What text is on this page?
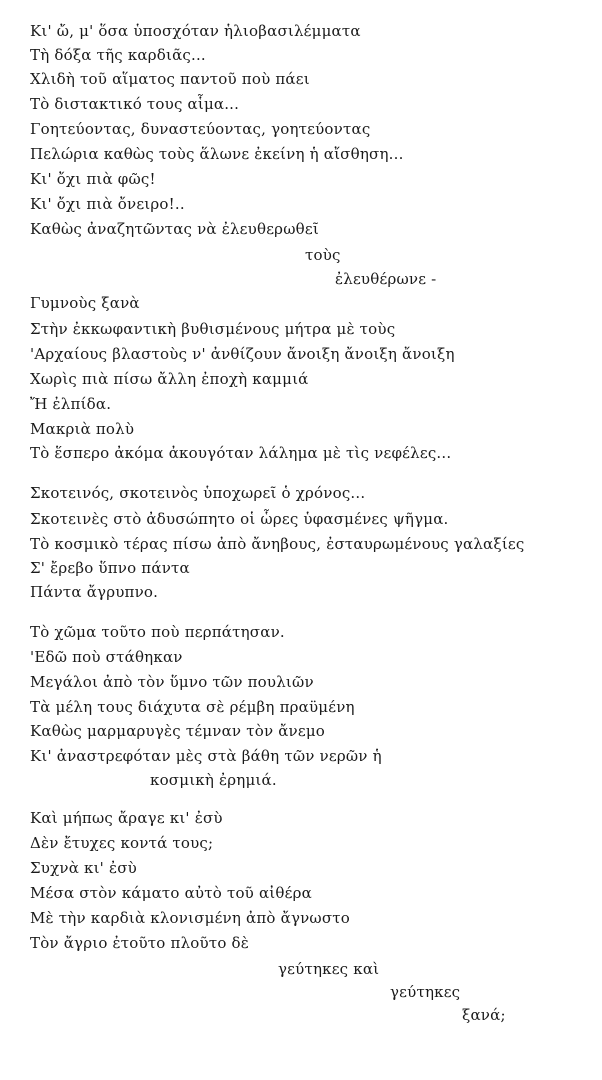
Κι' ὤ, μ' ὅσα ὑποσχόταν ἡλιοβασιλέμματα
Τὴ δόξα τῆς καρδιᾶς...
Χλιδὴ τοῦ αἵματος παντοῦ ποὺ πάει
Τὸ διστακτικό τους αἷμα...
Γοητεύοντας, δυναστεύοντας, γοητεύοντας
Πελώρια καθὼς τοὺς ἅλωνε ἐκείνη ἡ αἴσθηση...
Κι' ὄχι πιὰ φῶς!
Κι' ὄχι πιὰ ὄνειρο!..
Καθὼς ἀναζητῶντας νὰ ἐλευθερωθεῖ
τοὺς
ἐλευθέρωνε -
Γυμνοὺς ξανὰ
Στὴν ἐκκωφαντικὴ βυθισμένους μήτρα μὲ τοὺς
'Αρχαίους βλαστοὺς ν' ἀνθίζουν ἄνοιξη ἄνοιξη ἄνοιξη
Χωρὶς πιὰ πίσω ἄλλη ἐποχὴ καμμιά
Ἤ ἐλπίδα.
Μακριὰ πολὺ
Τὸ ἕσπερο ἀκόμα ἀκουγόταν λάλημα μὲ τὶς νεφέλες...
Σκοτεινός, σκοτεινὸς ὑποχωρεῖ ὁ χρόνος...
Σκοτεινὲς στὸ ἀδυσώπητο οἱ ὧρες ὑφασμένες ψῆγμα.
Τὸ κοσμικὸ τέρας πίσω ἀπὸ ἄνηβους, ἐσταυρωμένους γαλαξίες
Σ' ἔρεβο ὕπνο πάντα
Πάντα ἄγρυπνο.
Τὸ χῶμα τοῦτο ποὺ περπάτησαν.
'Εδῶ ποὺ στάθηκαν
Μεγάλοι ἀπὸ τὸν ὕμνο τῶν πουλιῶν
Τὰ μέλη τους διάχυτα σὲ ρέμβη πραϋμένη
Καθὼς μαρμαρυγὲς τέμναν τὸν ἄνεμο
Κι' ἀναστρεφόταν μὲς στὰ βάθη τῶν νερῶν ἡ
κοσμικὴ ἐρημιά.
Καὶ μήπως ἄραγε κι' ἐσὺ
Δὲν ἔτυχες κοντά τους;
Συχνὰ κι' ἐσὺ
Μέσα στὸν κάματο αὐτὸ τοῦ αἰθέρα
Μὲ τὴν καρδιὰ κλονισμένη ἀπὸ ἄγνωστο
Τὸν ἄγριο ἐτοῦτο πλοῦτο δὲ
γεύτηκες καὶ
γεύτηκες
ξανά;
